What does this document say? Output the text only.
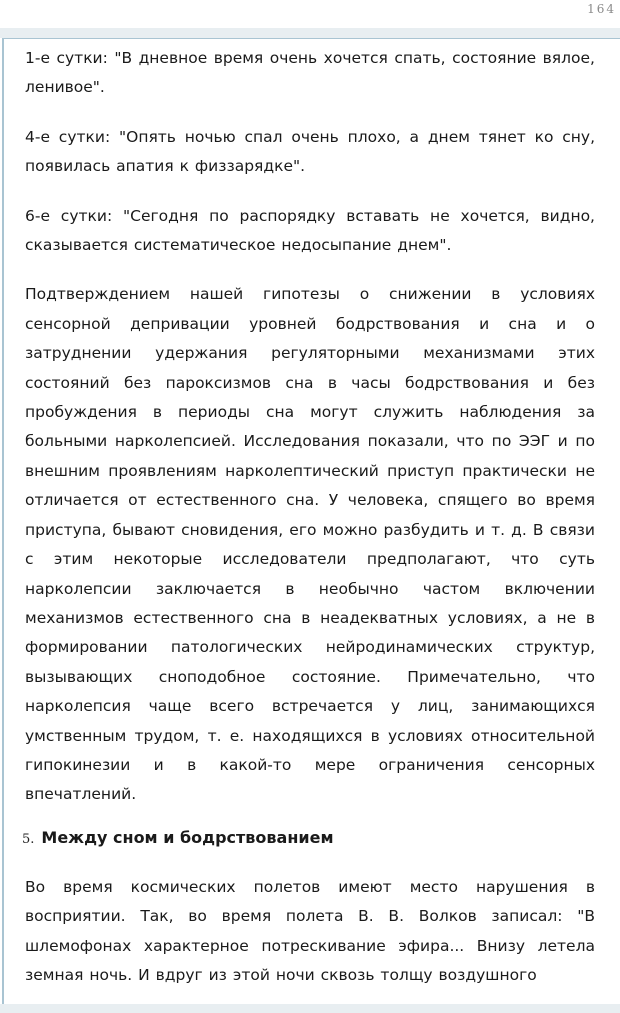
164

1-е сутки: "В дневное время очень хочется спать, состояние вялое, ленивое".

4-е сутки: "Опять ночью спал очень плохо, а днем тянет ко сну, появилась апатия к физзарядке".

6-е сутки: "Сегодня по распорядку вставать не хочется, видно, сказывается систематическое недосыпание днем".

Подтверждением нашей гипотезы о снижении в условиях сенсорной депривации уровней бодрствования и сна и о затруднении удержания регуляторными механизмами этих состояний без пароксизмов сна в часы бодрствования и без пробуждения в периоды сна могут служить наблюдения за больными нарколепсией. Исследования показали, что по ЭЭГ и по внешним проявлениям нарколептический приступ практически не отличается от естественного сна. У человека, спящего во время приступа, бывают сновидения, его можно разбудить и т. д. В связи с этим некоторые исследователи предполагают, что суть нарколепсии заключается в необычно частом включении механизмов естественного сна в неадекватных условиях, а не в формировании патологических нейродинамических структур, вызывающих сноподобное состояние. Примечательно, что нарколепсия чаще всего встречается у лиц, занимающихся умственным трудом, т. е. находящихся в условиях относительной гипокинезии и в какой-то мере ограничения сенсорных впечатлений.

5. Между сном и бодрствованием
Во время космических полетов имеют место нарушения в восприятии. Так, во время полета В. В. Волков записал: "В шлемофонах характерное потрескивание эфира... Внизу летела земная ночь. И вдруг из этой ночи сквозь толщу воздушного
